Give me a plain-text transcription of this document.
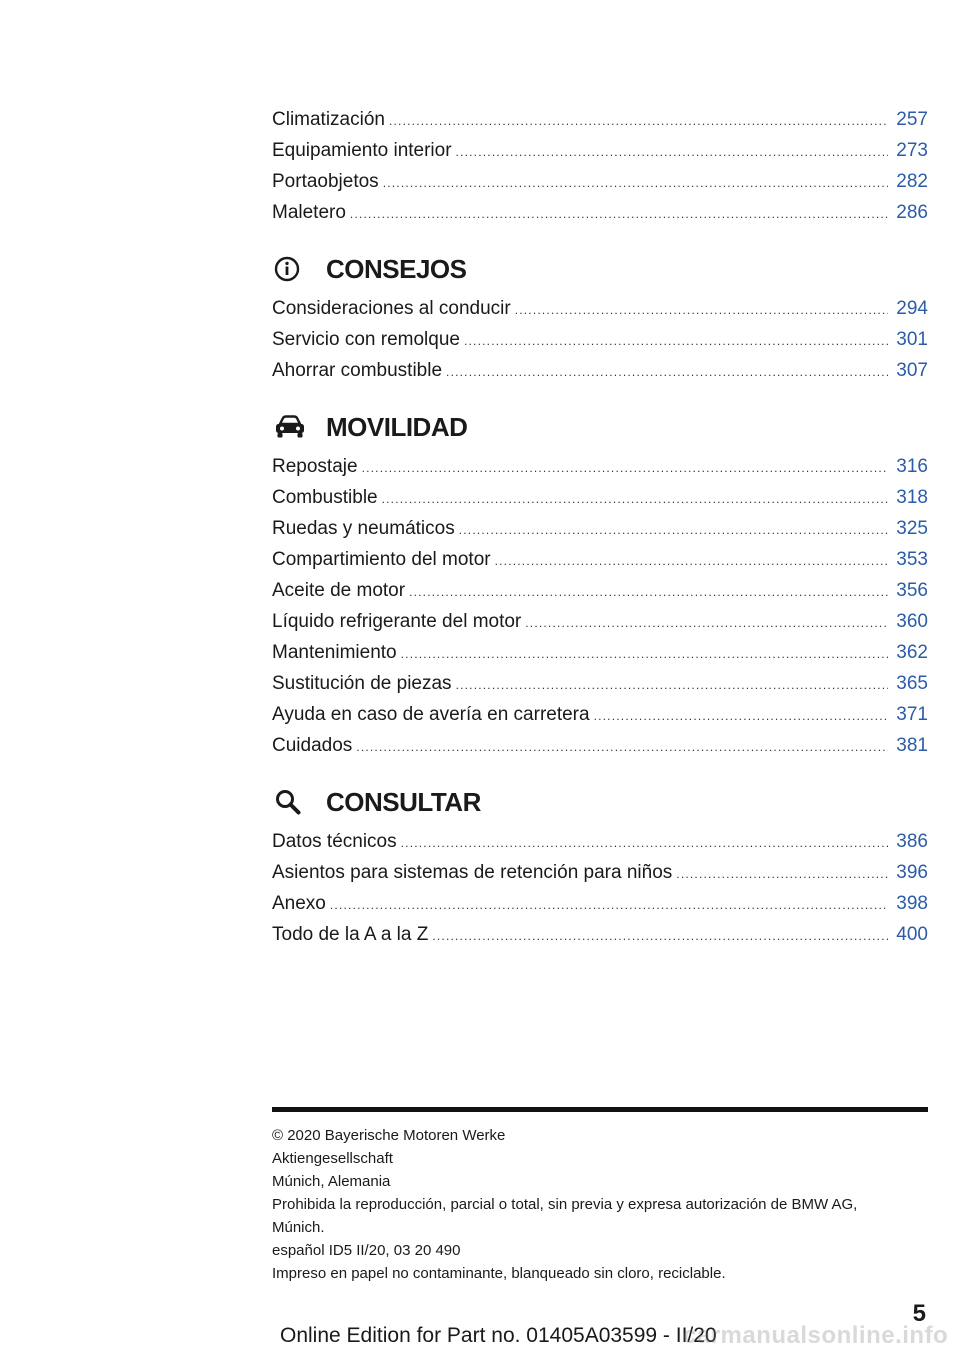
Climatización .....	257
Equipamiento interior .....	273
Portaobjetos .....	282
Maletero .....	286
CONSEJOS
Consideraciones al conducir .....	294
Servicio con remolque .....	301
Ahorrar combustible .....	307
MOVILIDAD
Repostaje .....	316
Combustible .....	318
Ruedas y neumáticos .....	325
Compartimiento del motor .....	353
Aceite de motor .....	356
Líquido refrigerante del motor .....	360
Mantenimiento .....	362
Sustitución de piezas .....	365
Ayuda en caso de avería en carretera .....	371
Cuidados .....	381
CONSULTAR
Datos técnicos .....	386
Asientos para sistemas de retención para niños .....	396
Anexo .....	398
Todo de la A a la Z .....	400
© 2020 Bayerische Motoren Werke
Aktiengesellschaft
Múnich, Alemania
Prohibida la reproducción, parcial o total, sin previa y expresa autorización de BMW AG, Múnich.
español ID5 II/20, 03 20 490
Impreso en papel no contaminante, blanqueado sin cloro, reciclable.
5
Online Edition for Part no. 01405A03599 - II/20
carmanualsonline.info
